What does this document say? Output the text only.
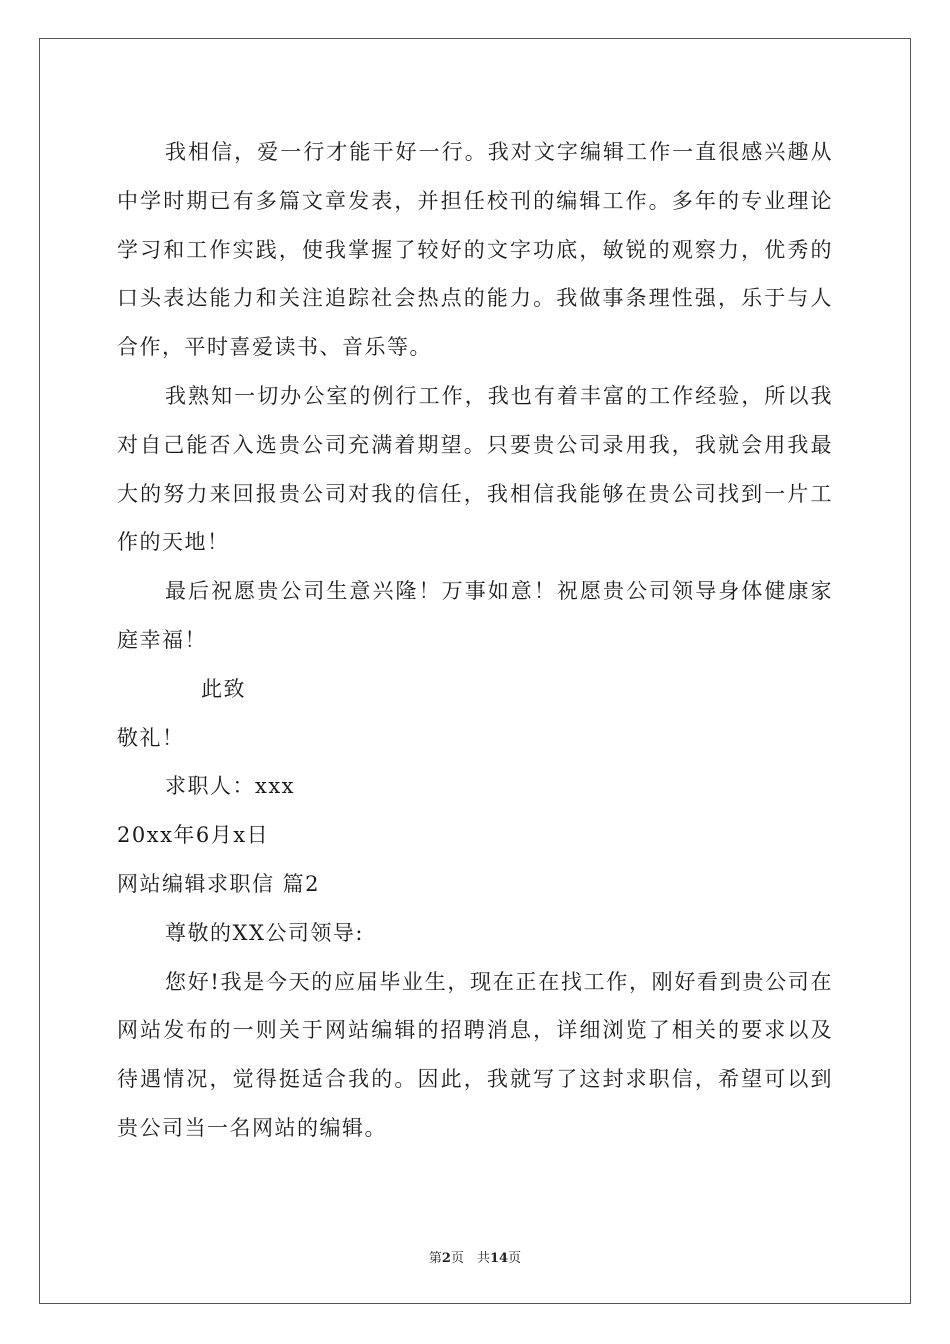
我相信，爱一行才能干好一行。我对文字编辑工作一直很感兴趣从中学时期已有多篇文章发表，并担任校刊的编辑工作。多年的专业理论学习和工作实践，使我掌握了较好的文字功底，敏锐的观察力，优秀的口头表达能力和关注追踪社会热点的能力。我做事条理性强，乐于与人合作，平时喜爱读书、音乐等。

我熟知一切办公室的例行工作，我也有着丰富的工作经验，所以我对自己能否入选贵公司充满着期望。只要贵公司录用我，我就会用我最大的努力来回报贵公司对我的信任，我相信我能够在贵公司找到一片工作的天地！

最后祝愿贵公司生意兴隆！万事如意！祝愿贵公司领导身体健康家庭幸福！

此致

敬礼！

求职人：xxx

20xx年6月x日

网站编辑求职信 篇2

尊敬的XX公司领导:

您好!我是今天的应届毕业生，现在正在找工作，刚好看到贵公司在网站发布的一则关于网站编辑的招聘消息，详细浏览了相关的要求以及待遇情况，觉得挺适合我的。因此，我就写了这封求职信，希望可以到贵公司当一名网站的编辑。

第2页　共14页
